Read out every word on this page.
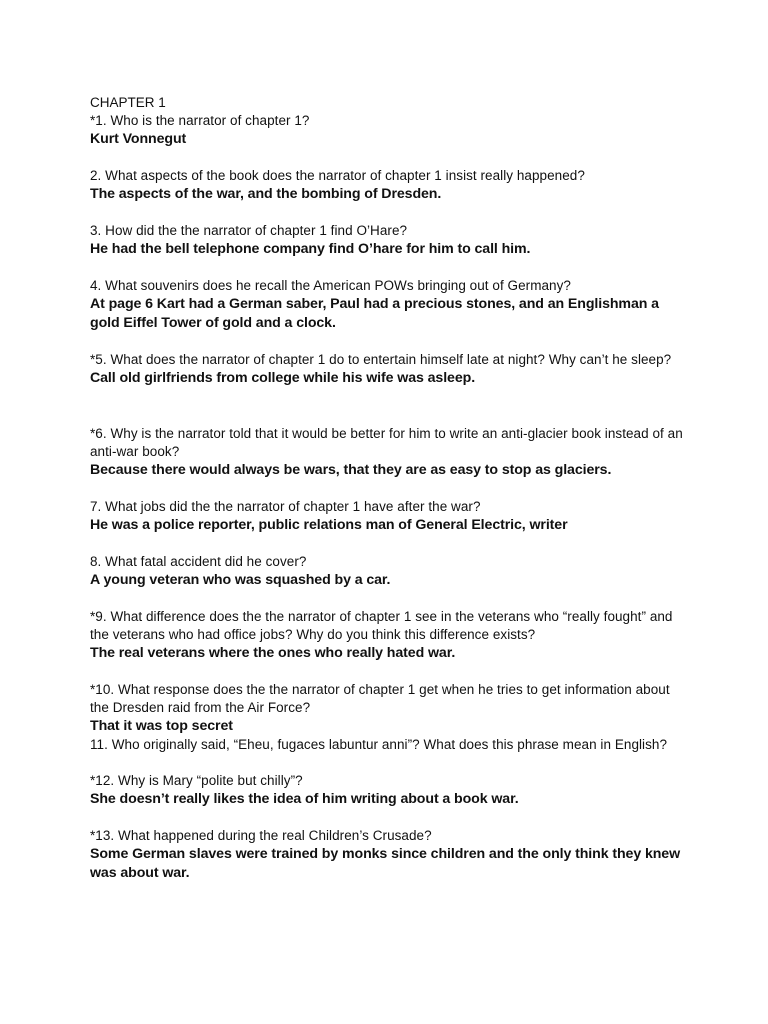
CHAPTER 1

*1. Who is the narrator of chapter 1?

Kurt Vonnegut

2. What aspects of the book does the narrator of chapter 1 insist really happened?

The aspects of the war, and the bombing of Dresden.

3. How did the the narrator of chapter 1 find O’Hare?

He had the bell telephone company find O’hare for him to call him.

4. What souvenirs does he recall the American POWs bringing out of Germany?

At page 6 Kart had a German saber, Paul had a precious stones, and an Englishman a gold Eiffel Tower of gold and a clock.

*5. What does the narrator of chapter 1 do to entertain himself late at night? Why can’t he sleep?

Call old girlfriends from college while his wife was asleep.

*6. Why is the narrator told that it would be better for him to write an anti-glacier book instead of an anti-war book?

Because there would always be wars, that they are as easy to stop as glaciers.

7. What jobs did the the narrator of chapter 1 have after the war?

He was a police reporter, public relations man of General Electric, writer

8. What fatal accident did he cover?

A young veteran who was squashed by a car.

*9. What difference does the the narrator of chapter 1 see in the veterans who “really fought” and the veterans who had office jobs? Why do you think this difference exists?

The real veterans where the ones who really hated war.

*10. What response does the the narrator of chapter 1 get when he tries to get information about the Dresden raid from the Air Force?

That it was top secret

11. Who originally said, “Eheu, fugaces labuntur anni”? What does this phrase mean in English?

*12. Why is Mary “polite but chilly”?

She doesn’t really likes the idea of him writing about a book war.

*13. What happened during the real Children’s Crusade?

Some German slaves were trained by monks since children and the only think they knew was about war.
